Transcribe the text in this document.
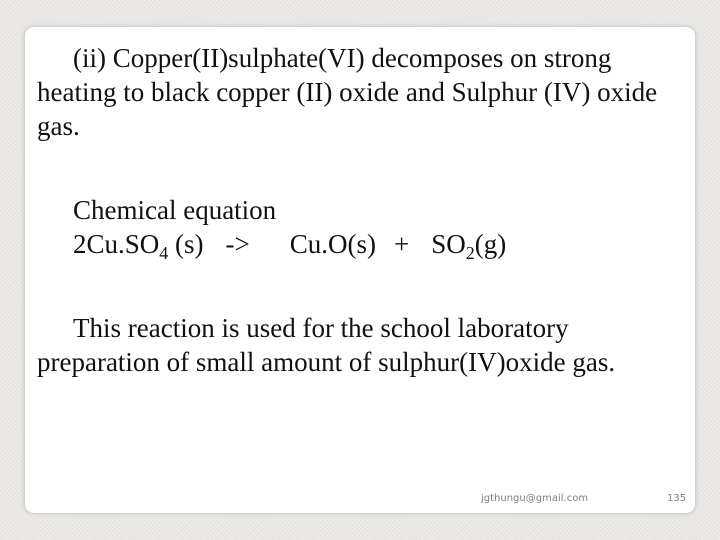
(ii) Copper(II)sulphate(VI) decomposes on strong heating to black copper (II) oxide and Sulphur (IV) oxide gas.

Chemical equation
$2Cu.SO_4$ $(s) -> Cu.O(s) + SO_2(g)$

This reaction is used for the school laboratory preparation of small amount of sulphur(IV)oxide gas.

jgthungu@gmail.com	135
